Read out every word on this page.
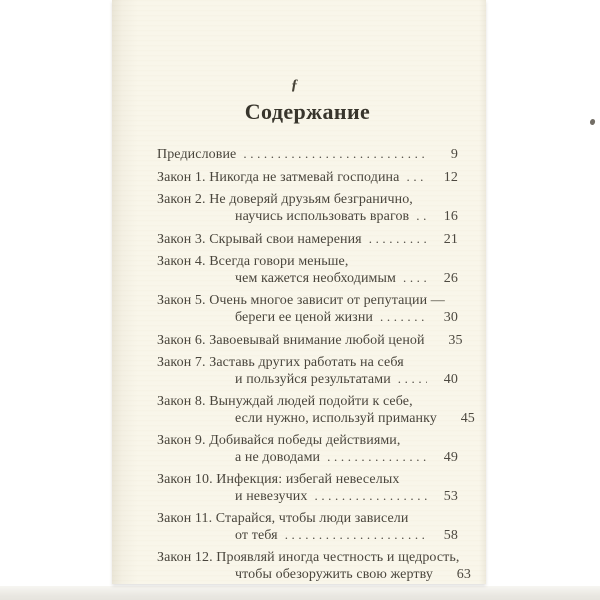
ƒ
Содержание
Предисловие .....	9
Закон 1. Никогда не затмевай господина .....	12
Закон 2. Не доверяй друзьям безгранично,
научись использовать врагов .....	16
Закон 3. Скрывай свои намерения .....	21
Закон 4. Всегда говори меньше,
чем кажется необходимым .....	26
Закон 5. Очень многое зависит от репутации —
береги ее ценой жизни .....	30
Закон 6. Завоевывай внимание любой ценой	35
Закон 7. Заставь других работать на себя
и пользуйся результатами .....	40
Закон 8. Вынуждай людей подойти к себе,
если нужно, используй приманку	45
Закон 9. Добивайся победы действиями,
а не доводами .....	49
Закон 10. Инфекция: избегай невеселых
и невезучих .....	53
Закон 11. Старайся, чтобы люди зависели
от тебя .....	58
Закон 12. Проявляй иногда честность и щедрость,
чтобы обезоружить свою жертву	63
